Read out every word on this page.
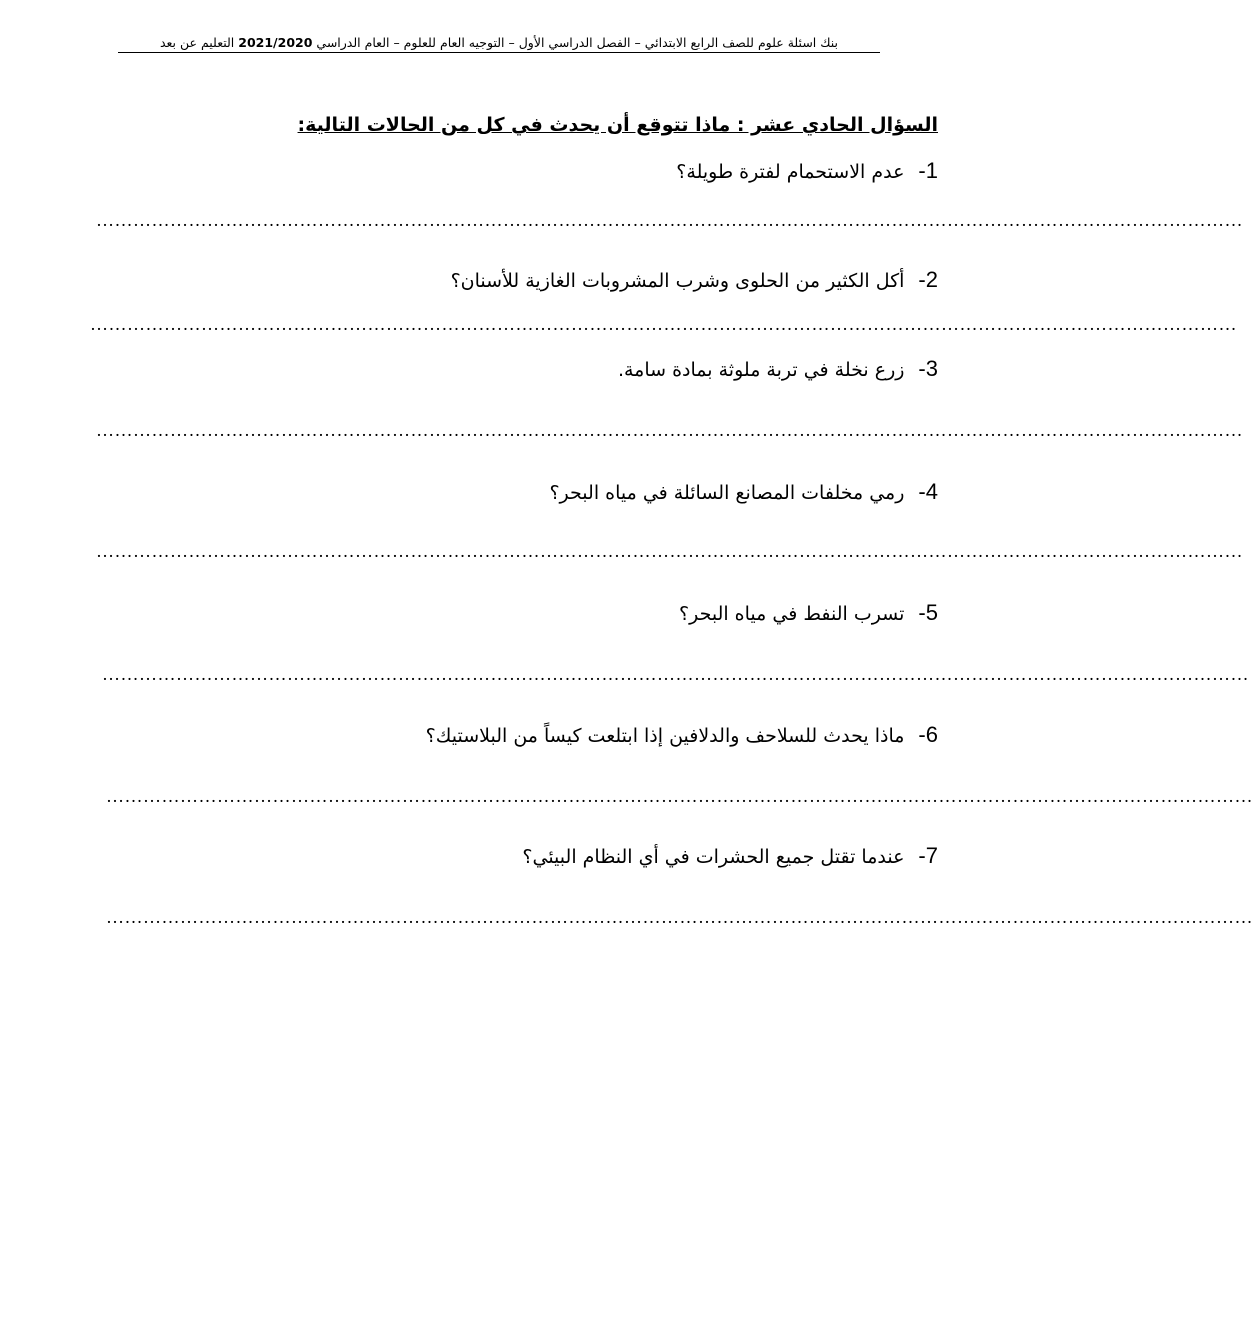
بنك اسئلة علوم للصف الرابع الابتدائي – الفصل الدراسي الأول – التوجيه العام للعلوم – العام الدراسي 2021/2020 التعليم عن بعد
السؤال الحادي عشر : ماذا تتوقع أن يحدث في كل من الحالات التالية:
1-عدم الاستحمام لفترة طويلة؟
……………………………………………………………………………………………………………………………………………………………………
2-أكل الكثير من الحلوى وشرب المشروبات الغازية للأسنان؟
……………………………………………………………………………………………………………………………………………………………………
3-زرع نخلة في تربة ملوثة بمادة سامة.
……………………………………………………………………………………………………………………………………………………………………
4-رمي مخلفات المصانع السائلة في مياه البحر؟
……………………………………………………………………………………………………………………………………………………………………
5-تسرب النفط في مياه البحر؟
……………………………………………………………………………………………………………………………………………………………………
6-ماذا يحدث للسلاحف والدلافين إذا ابتلعت كيساً من البلاستيك؟
……………………………………………………………………………………………………………………………………………………………………
7-عندما تقتل جميع الحشرات في أي النظام البيئي؟
……………………………………………………………………………………………………………………………………………………………………
